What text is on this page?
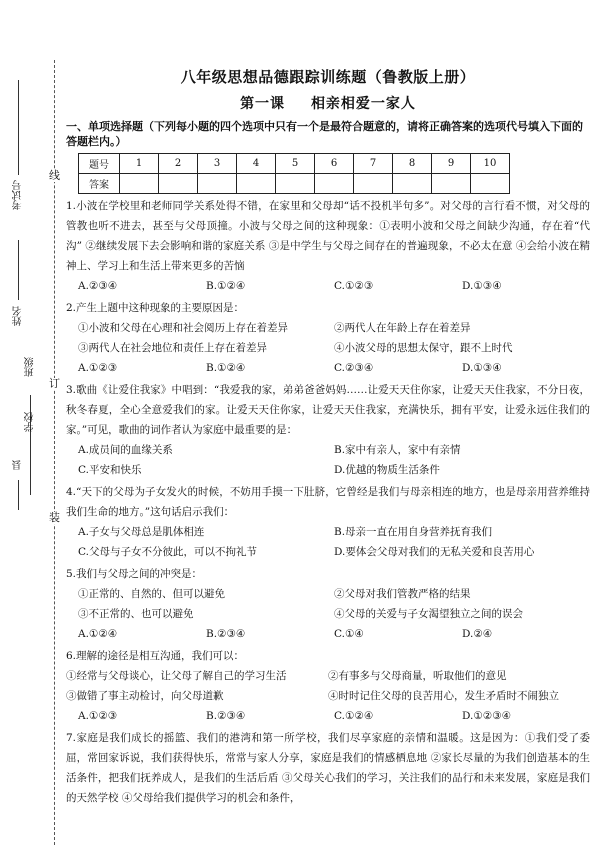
考试号
姓名
班级
学校
县
装
订
线
八年级思想品德跟踪训练题（鲁教版上册）
第一课 相亲相爱一家人
一、单项选择题（下列每小题的四个选项中只有一个是最符合题意的，请将正确答案的选项代号填入下面的答题栏内。）
题号	1	2	3	4	5	6	7	8	9	10
答案										

1.小波在学校里和老师同学关系处得不错，在家里和父母却“话不投机半句多”。对父母的言行看不惯，对父母的管教也听不进去，甚至与父母顶撞。小波与父母之间的这种现象：①表明小波和父母之间缺少沟通，存在着“代沟” ②继续发展下去会影响和谐的家庭关系 ③是中学生与父母之间存在的普遍现象，不必太在意 ④会给小波在精神上、学习上和生活上带来更多的苦恼

A.②③④	B.①②④	C.①②③	D.①③④

2.产生上题中这种现象的主要原因是：

①小波和父母在心理和社会阅历上存在着差异	②两代人在年龄上存在着差异
③两代人在社会地位和责任上存在着差异	④小波父母的思想太保守，跟不上时代
A.①②③	B.①②④	C.②③④	D.①③④

3.歌曲《让爱住我家》中唱到：“我爱我的家，弟弟爸爸妈妈……让爱天天住你家，让爱天天住我家，不分日夜，秋冬春夏，全心全意爱我们的家。让爱天天住你家，让爱天天住我家，充满快乐，拥有平安，让爱永远住我们的家。”可见，歌曲的词作者认为家庭中最重要的是：

A.成员间的血缘关系	B.家中有亲人，家中有亲情
C.平安和快乐	D.优越的物质生活条件

4.“天下的父母为子女发火的时候，不妨用手摸一下肚脐，它曾经是我们与母亲相连的地方，也是母亲用营养维持我们生命的地方。”这句话启示我们：

A.子女与父母总是肌体相连	B.母亲一直在用自身营养抚育我们
C.父母与子女不分彼此，可以不拘礼节	D.要体会父母对我们的无私关爱和良苦用心

5.我们与父母之间的冲突是：

①正常的、自然的、但可以避免	②父母对我们管教严格的结果
③不正常的、也可以避免	④父母的关爱与子女渴望独立之间的误会
A.①②④	B.②③④	C.①④	D.②④

6.理解的途径是相互沟通，我们可以：

①经常与父母谈心，让父母了解自己的学习生活	②有事多与父母商量，听取他们的意见
③做错了事主动检讨，向父母道歉	④时时记住父母的良苦用心，发生矛盾时不闹独立
A.①②③	B.②③④	C.①②④	D.①②③④

7.家庭是我们成长的摇篮、我们的港湾和第一所学校，我们尽享家庭的亲情和温暖。这是因为：①我们受了委屈，常回家诉说，我们获得快乐，常常与家人分享，家庭是我们的情感栖息地 ②家长尽量的为我们创造基本的生活条件，把我们抚养成人，是我们的生活后盾 ③父母关心我们的学习，关注我们的品行和未来发展，家庭是我们的天然学校 ④父母给我们提供学习的机会和条件，
